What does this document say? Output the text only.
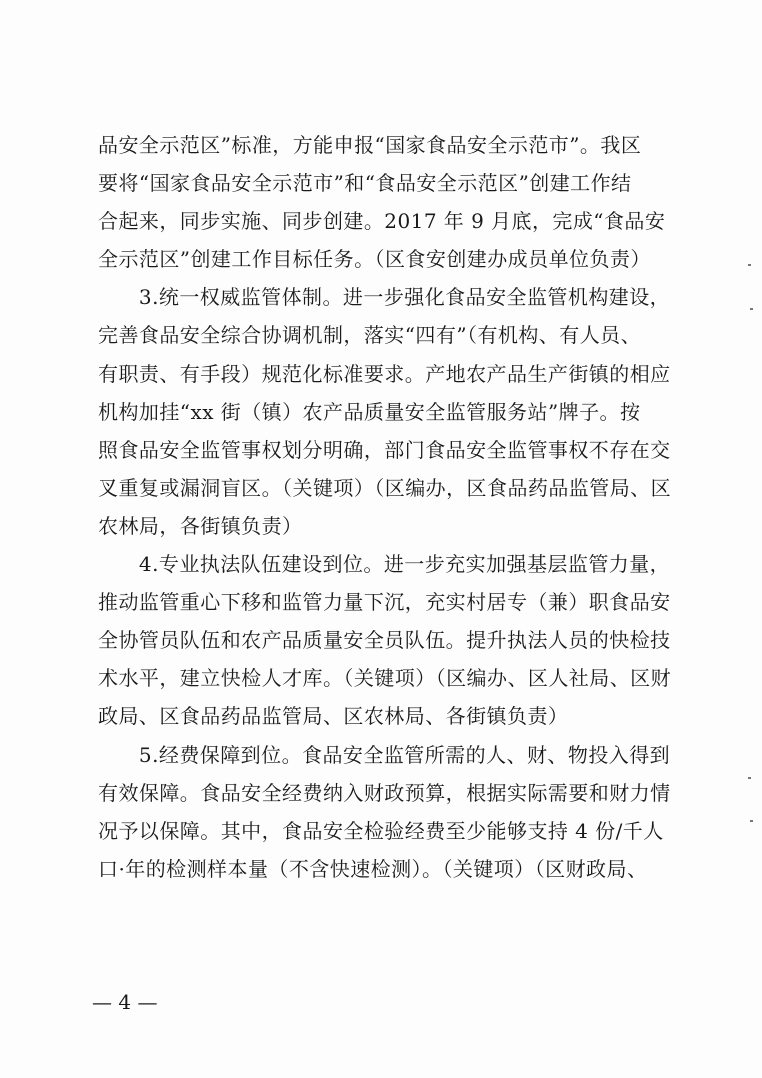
品安全示范区”标准，方能申报“国家食品安全示范市”。我区
要将“国家食品安全示范市”和“食品安全示范区”创建工作结
合起来，同步实施、同步创建。2017 年 9 月底，完成“食品安
全示范区”创建工作目标任务。（区食安创建办成员单位负责）
　　3.统一权威监管体制。进一步强化食品安全监管机构建设，
完善食品安全综合协调机制，落实“四有”（有机构、有人员、
有职责、有手段）规范化标准要求。产地农产品生产街镇的相应
机构加挂“xx 街（镇）农产品质量安全监管服务站”牌子。按
照食品安全监管事权划分明确，部门食品安全监管事权不存在交
叉重复或漏洞盲区。（关键项）（区编办，区食品药品监管局、区
农林局，各街镇负责）
　　4.专业执法队伍建设到位。进一步充实加强基层监管力量，
推动监管重心下移和监管力量下沉，充实村居专（兼）职食品安
全协管员队伍和农产品质量安全员队伍。提升执法人员的快检技
术水平，建立快检人才库。（关键项）（区编办、区人社局、区财
政局、区食品药品监管局、区农林局、各街镇负责）
　　5.经费保障到位。食品安全监管所需的人、财、物投入得到
有效保障。食品安全经费纳入财政预算，根据实际需要和财力情
况予以保障。其中，食品安全检验经费至少能够支持 4 份/千人
口·年的检测样本量（不含快速检测）。（关键项）（区财政局、
— 4 —
